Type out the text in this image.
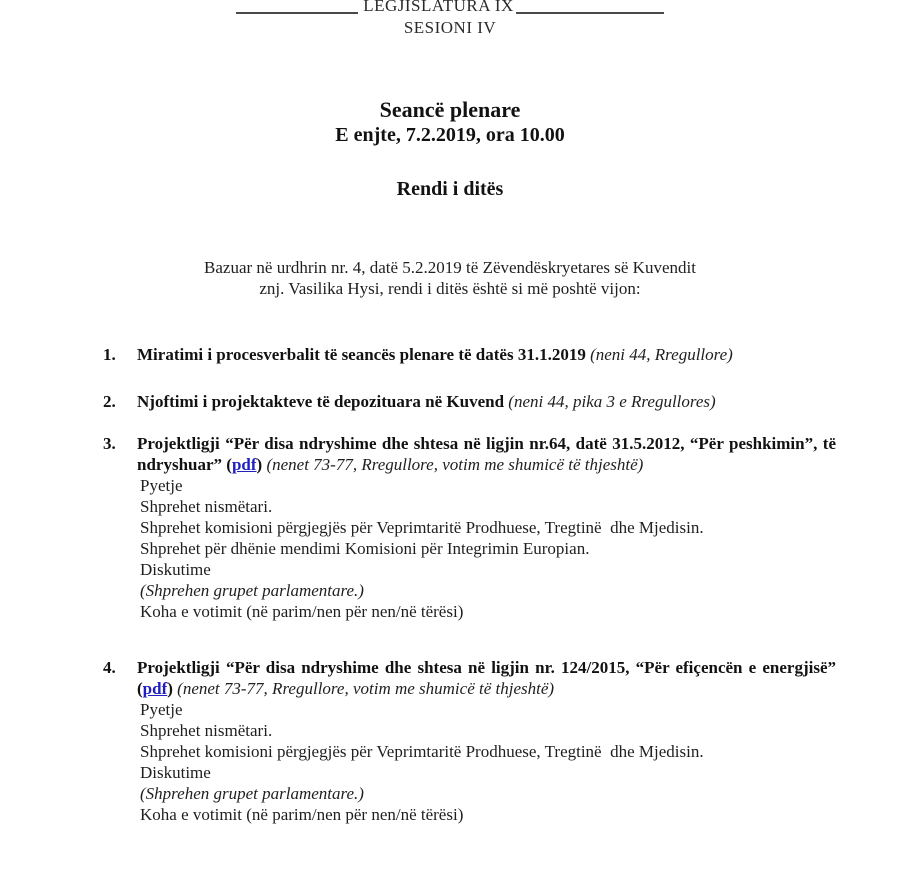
LEGJISLATURA IX
SESIONI IV
Seancë plenare
E enjte, 7.2.2019, ora 10.00
Rendi i ditës
Bazuar në urdhrin nr. 4, datë 5.2.2019 të Zëvendëskryetares së Kuvendit
znj. Vasilika Hysi, rendi i ditës është si më poshtë vijon:
1.	Miratimi i procesverbalit të seancës plenare të datës 31.1.2019 (neni 44, Rregullore)

2.	Njoftimi i projektakteve të depozituara në Kuvend (neni 44, pika 3 e Rregullores)

3.	Projektligji “Për disa ndryshime dhe shtesa në ligjin nr.64, datë 31.5.2012, “Për peshkimin”, të ndryshuar” (pdf) (nenet 73-77, Rregullore, votim me shumicë të thjeshtë)

Pyetje
Shprehet nismëtari.
Shprehet komisioni përgjegjës për Veprimtaritë Prodhuese, Tregtinë  dhe Mjedisin.
Shprehet për dhënie mendimi Komisioni për Integrimin Europian.
Diskutime
(Shprehen grupet parlamentare.)
Koha e votimit (në parim/nen për nen/në tërësi)
4.	Projektligji “Për disa ndryshime dhe shtesa në ligjin nr. 124/2015, “Për efiçencën e energjisë” (pdf) (nenet 73-77, Rregullore, votim me shumicë të thjeshtë)

Pyetje
Shprehet nismëtari.
Shprehet komisioni përgjegjës për Veprimtaritë Prodhuese, Tregtinë  dhe Mjedisin.
Diskutime
(Shprehen grupet parlamentare.)
Koha e votimit (në parim/nen për nen/në tërësi)
